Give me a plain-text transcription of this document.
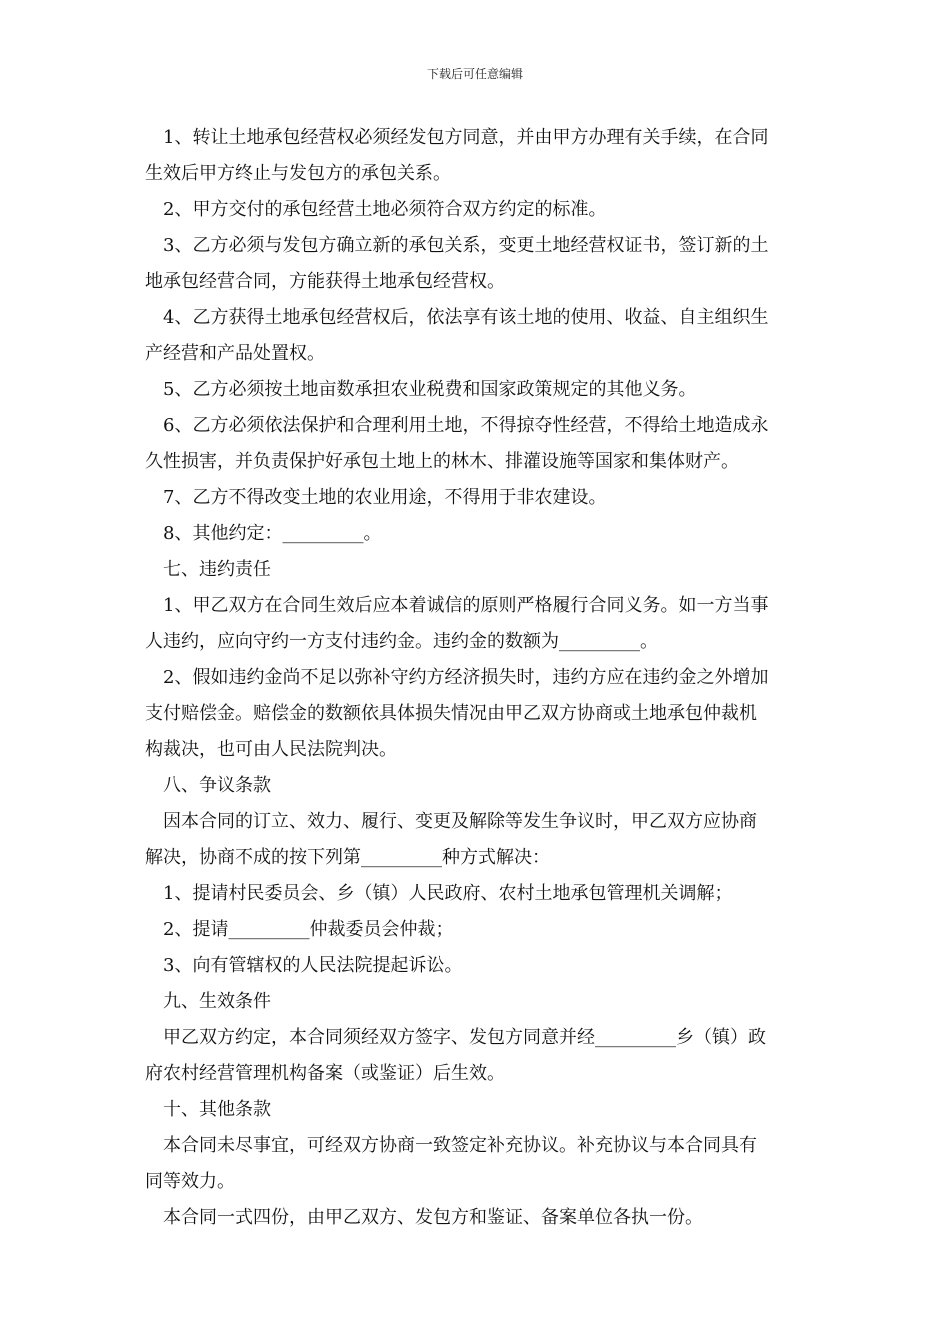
下载后可任意编辑

1、转让土地承包经营权必须经发包方同意，并由甲方办理有关手续，在合同
生效后甲方终止与发包方的承包关系。

2、甲方交付的承包经营土地必须符合双方约定的标准。

3、乙方必须与发包方确立新的承包关系，变更土地经营权证书，签订新的土
地承包经营合同，方能获得土地承包经营权。

4、乙方获得土地承包经营权后，依法享有该土地的使用、收益、自主组织生
产经营和产品处置权。

5、乙方必须按土地亩数承担农业税费和国家政策规定的其他义务。

6、乙方必须依法保护和合理利用土地，不得掠夺性经营，不得给土地造成永
久性损害，并负责保护好承包土地上的林木、排灌设施等国家和集体财产。

7、乙方不得改变土地的农业用途，不得用于非农建设。

8、其他约定：_________。

七、违约责任

1、甲乙双方在合同生效后应本着诚信的原则严格履行合同义务。如一方当事
人违约，应向守约一方支付违约金。违约金的数额为_________。

2、假如违约金尚不足以弥补守约方经济损失时，违约方应在违约金之外增加
支付赔偿金。赔偿金的数额依具体损失情况由甲乙双方协商或土地承包仲裁机
构裁决，也可由人民法院判决。

八、争议条款

因本合同的订立、效力、履行、变更及解除等发生争议时，甲乙双方应协商
解决，协商不成的按下列第_________种方式解决：

1、提请村民委员会、乡（镇）人民政府、农村土地承包管理机关调解；

2、提请_________仲裁委员会仲裁；

3、向有管辖权的人民法院提起诉讼。

九、生效条件

甲乙双方约定，本合同须经双方签字、发包方同意并经_________乡（镇）政
府农村经营管理机构备案（或鉴证）后生效。

十、其他条款

本合同未尽事宜，可经双方协商一致签定补充协议。补充协议与本合同具有
同等效力。

本合同一式四份，由甲乙双方、发包方和鉴证、备案单位各执一份。
